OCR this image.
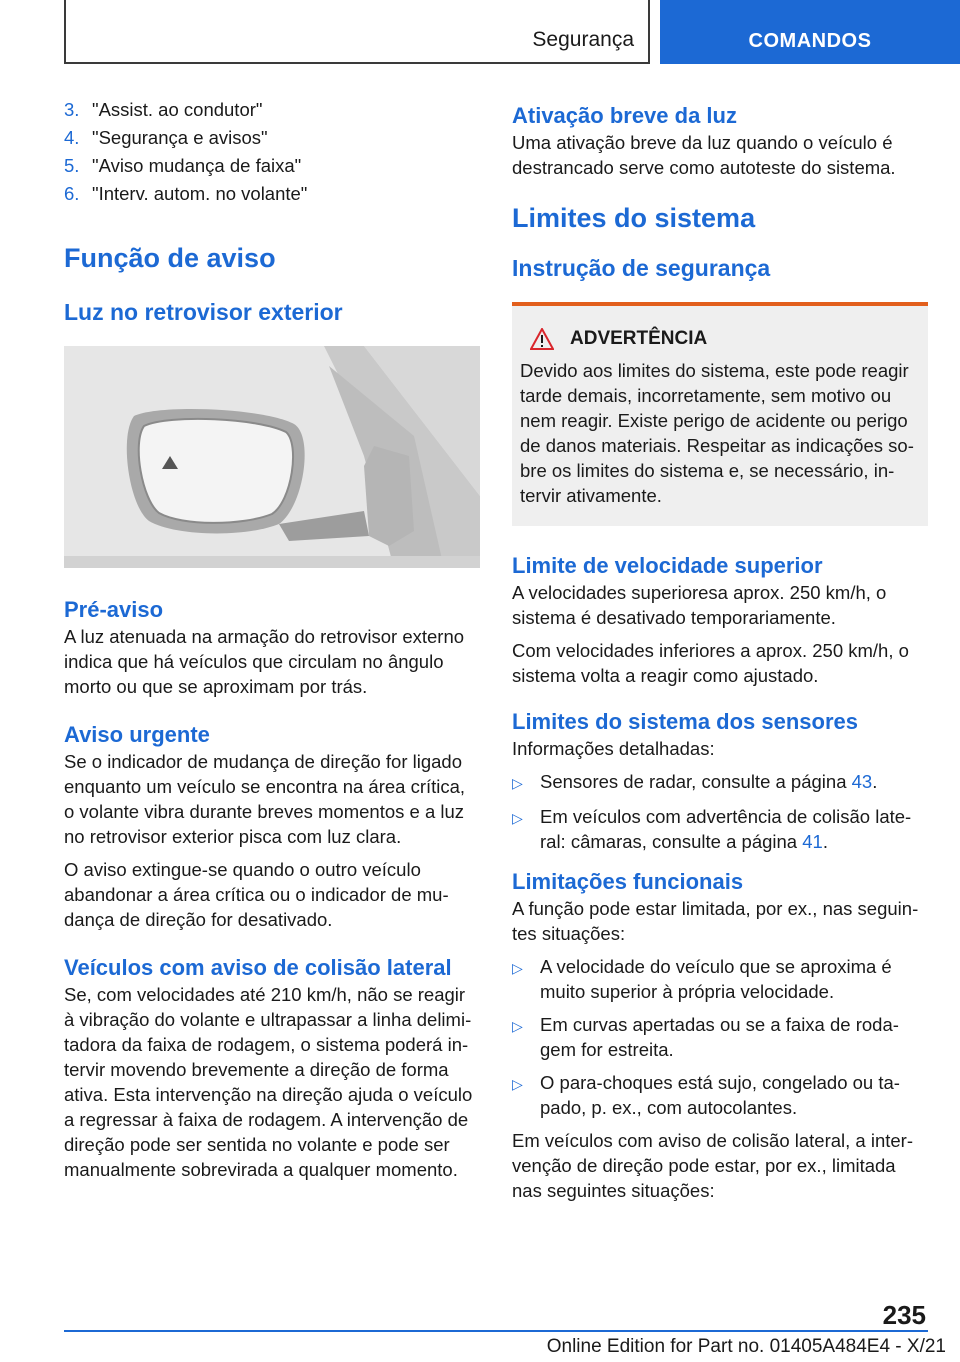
Segurança	COMANDOS
3. "Assist. ao condutor"
4. "Segurança e avisos"
5. "Aviso mudança de faixa"
6. "Interv. autom. no volante"
Função de aviso
Luz no retrovisor exterior
Pré-aviso

A luz atenuada na armação do retrovisor externo indica que há veículos que circulam no ângulo morto ou que se aproximam por trás.

Aviso urgente

Se o indicador de mudança de direção for ligado enquanto um veículo se encontra na área crítica, o volante vibra durante breves momentos e a luz no retrovisor exterior pisca com luz clara.

O aviso extingue-se quando o outro veículo abandonar a área crítica ou o indicador de mudança de direção for desativado.

Veículos com aviso de colisão lateral

Se, com velocidades até 210 km/h, não se reagir à vibração do volante e ultrapassar a linha delimitadora da faixa de rodagem, o sistema poderá intervir movendo brevemente a direção de forma ativa. Esta intervenção na direção ajuda o veículo a regressar à faixa de rodagem. A intervenção de direção pode ser sentida no volante e pode ser manualmente sobrevirada a qualquer momento.

Ativação breve da luz

Uma ativação breve da luz quando o veículo é destrancado serve como autoteste do sistema.

Limites do sistema
Instrução de segurança
ADVERTÊNCIA

Devido aos limites do sistema, este pode reagir tarde demais, incorretamente, sem motivo ou nem reagir. Existe perigo de acidente ou perigo de danos materiais. Respeitar as indicações sobre os limites do sistema e, se necessário, intervir ativamente.

Limite de velocidade superior

A velocidades superioresa aprox. 250 km/h, o sistema é desativado temporariamente.

Com velocidades inferiores a aprox. 250 km/h, o sistema volta a reagir como ajustado.

Limites do sistema dos sensores

Informações detalhadas:

▷ Sensores de radar, consulte a página 43.
▷ Em veículos com advertência de colisão lateral: câmaras, consulte a página 41.
Limitações funcionais

A função pode estar limitada, por ex., nas seguintes situações:

▷ A velocidade do veículo que se aproxima é muito superior à própria velocidade.
▷ Em curvas apertadas ou se a faixa de rodagem for estreita.
▷ O para-choques está sujo, congelado ou tapado, p. ex., com autocolantes.

Em veículos com aviso de colisão lateral, a intervenção de direção pode estar, por ex., limitada nas seguintes situações:

235
Online Edition for Part no. 01405A484E4 - X/21
